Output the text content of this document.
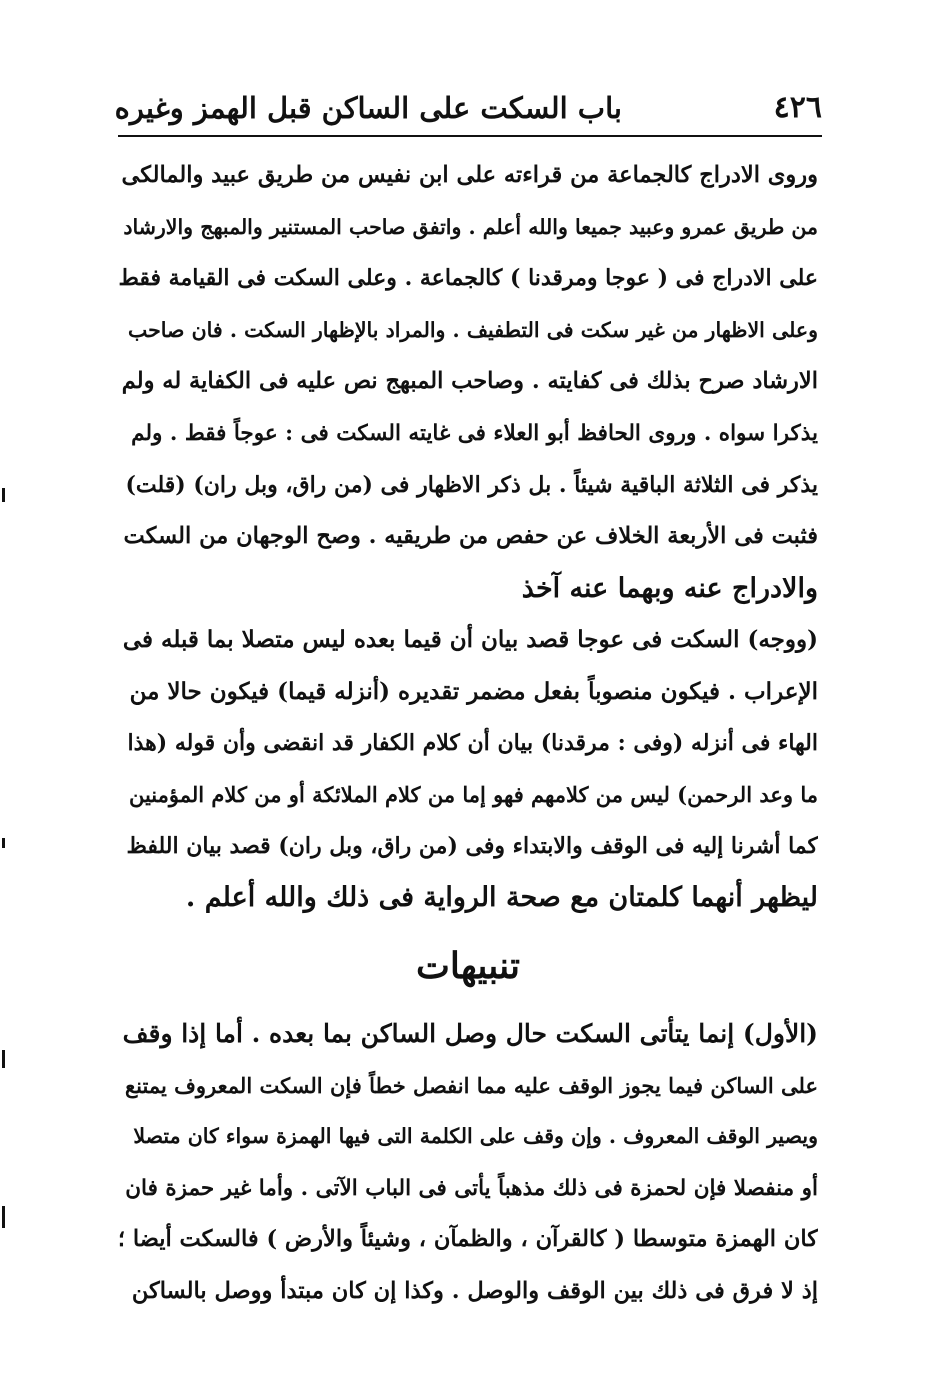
٤٢٦
باب السكت على الساكن قبل الهمز وغيره
وروى الادراج كالجماعة من قراءته على ابن نفيس من طريق عبيد والمالكى
من طريق عمرو وعبيد جميعا والله أعلم . واتفق صاحب المستنير والمبهج والارشاد
على الادراج فى ( عوجا ومرقدنا ) كالجماعة . وعلى السكت فى القيامة فقط
وعلى الاظهار من غير سكت فى التطفيف . والمراد بالإظهار السكت . فان صاحب
الارشاد صرح بذلك فى كفايته . وصاحب المبهج نص عليه فى الكفاية له ولم
يذكرا سواه . وروى الحافظ أبو العلاء فى غايته السكت فى : عوجاً فقط . ولم
يذكر فى الثلاثة الباقية شيئاً . بل ذكر الاظهار فى (من راق، وبل ران) (قلت)
فثبت فى الأربعة الخلاف عن حفص من طريقيه . وصح الوجهان من السكت
والادراج عنه وبهما عنه آخذ
(ووجه) السكت فى عوجا قصد بيان أن قيما بعده ليس متصلا بما قبله فى
الإعراب . فيكون منصوباً بفعل مضمر تقديره (أنزله قيما) فيكون حالا من
الهاء فى أنزله (وفى : مرقدنا) بيان أن كلام الكفار قد انقضى وأن قوله (هذا
ما وعد الرحمن) ليس من كلامهم فهو إما من كلام الملائكة أو من كلام المؤمنين
كما أشرنا إليه فى الوقف والابتداء وفى (من راق، وبل ران) قصد بيان اللفظ
ليظهر أنهما كلمتان مع صحة الرواية فى ذلك والله أعلم .
تنبيهات
(الأول) إنما يتأتى السكت حال وصل الساكن بما بعده . أما إذا وقف
على الساكن فيما يجوز الوقف عليه مما انفصل خطاً فإن السكت المعروف يمتنع
ويصير الوقف المعروف . وإن وقف على الكلمة التى فيها الهمزة سواء كان متصلا
أو منفصلا فإن لحمزة فى ذلك مذهباً يأتى فى الباب الآتى . وأما غير حمزة فان
كان الهمزة متوسطا ( كالقرآن ، والظمآن ، وشيئاً والأرض ) فالسكت أيضا ؛
إذ لا فرق فى ذلك بين الوقف والوصل . وكذا إن كان مبتدأ ووصل بالساكن
